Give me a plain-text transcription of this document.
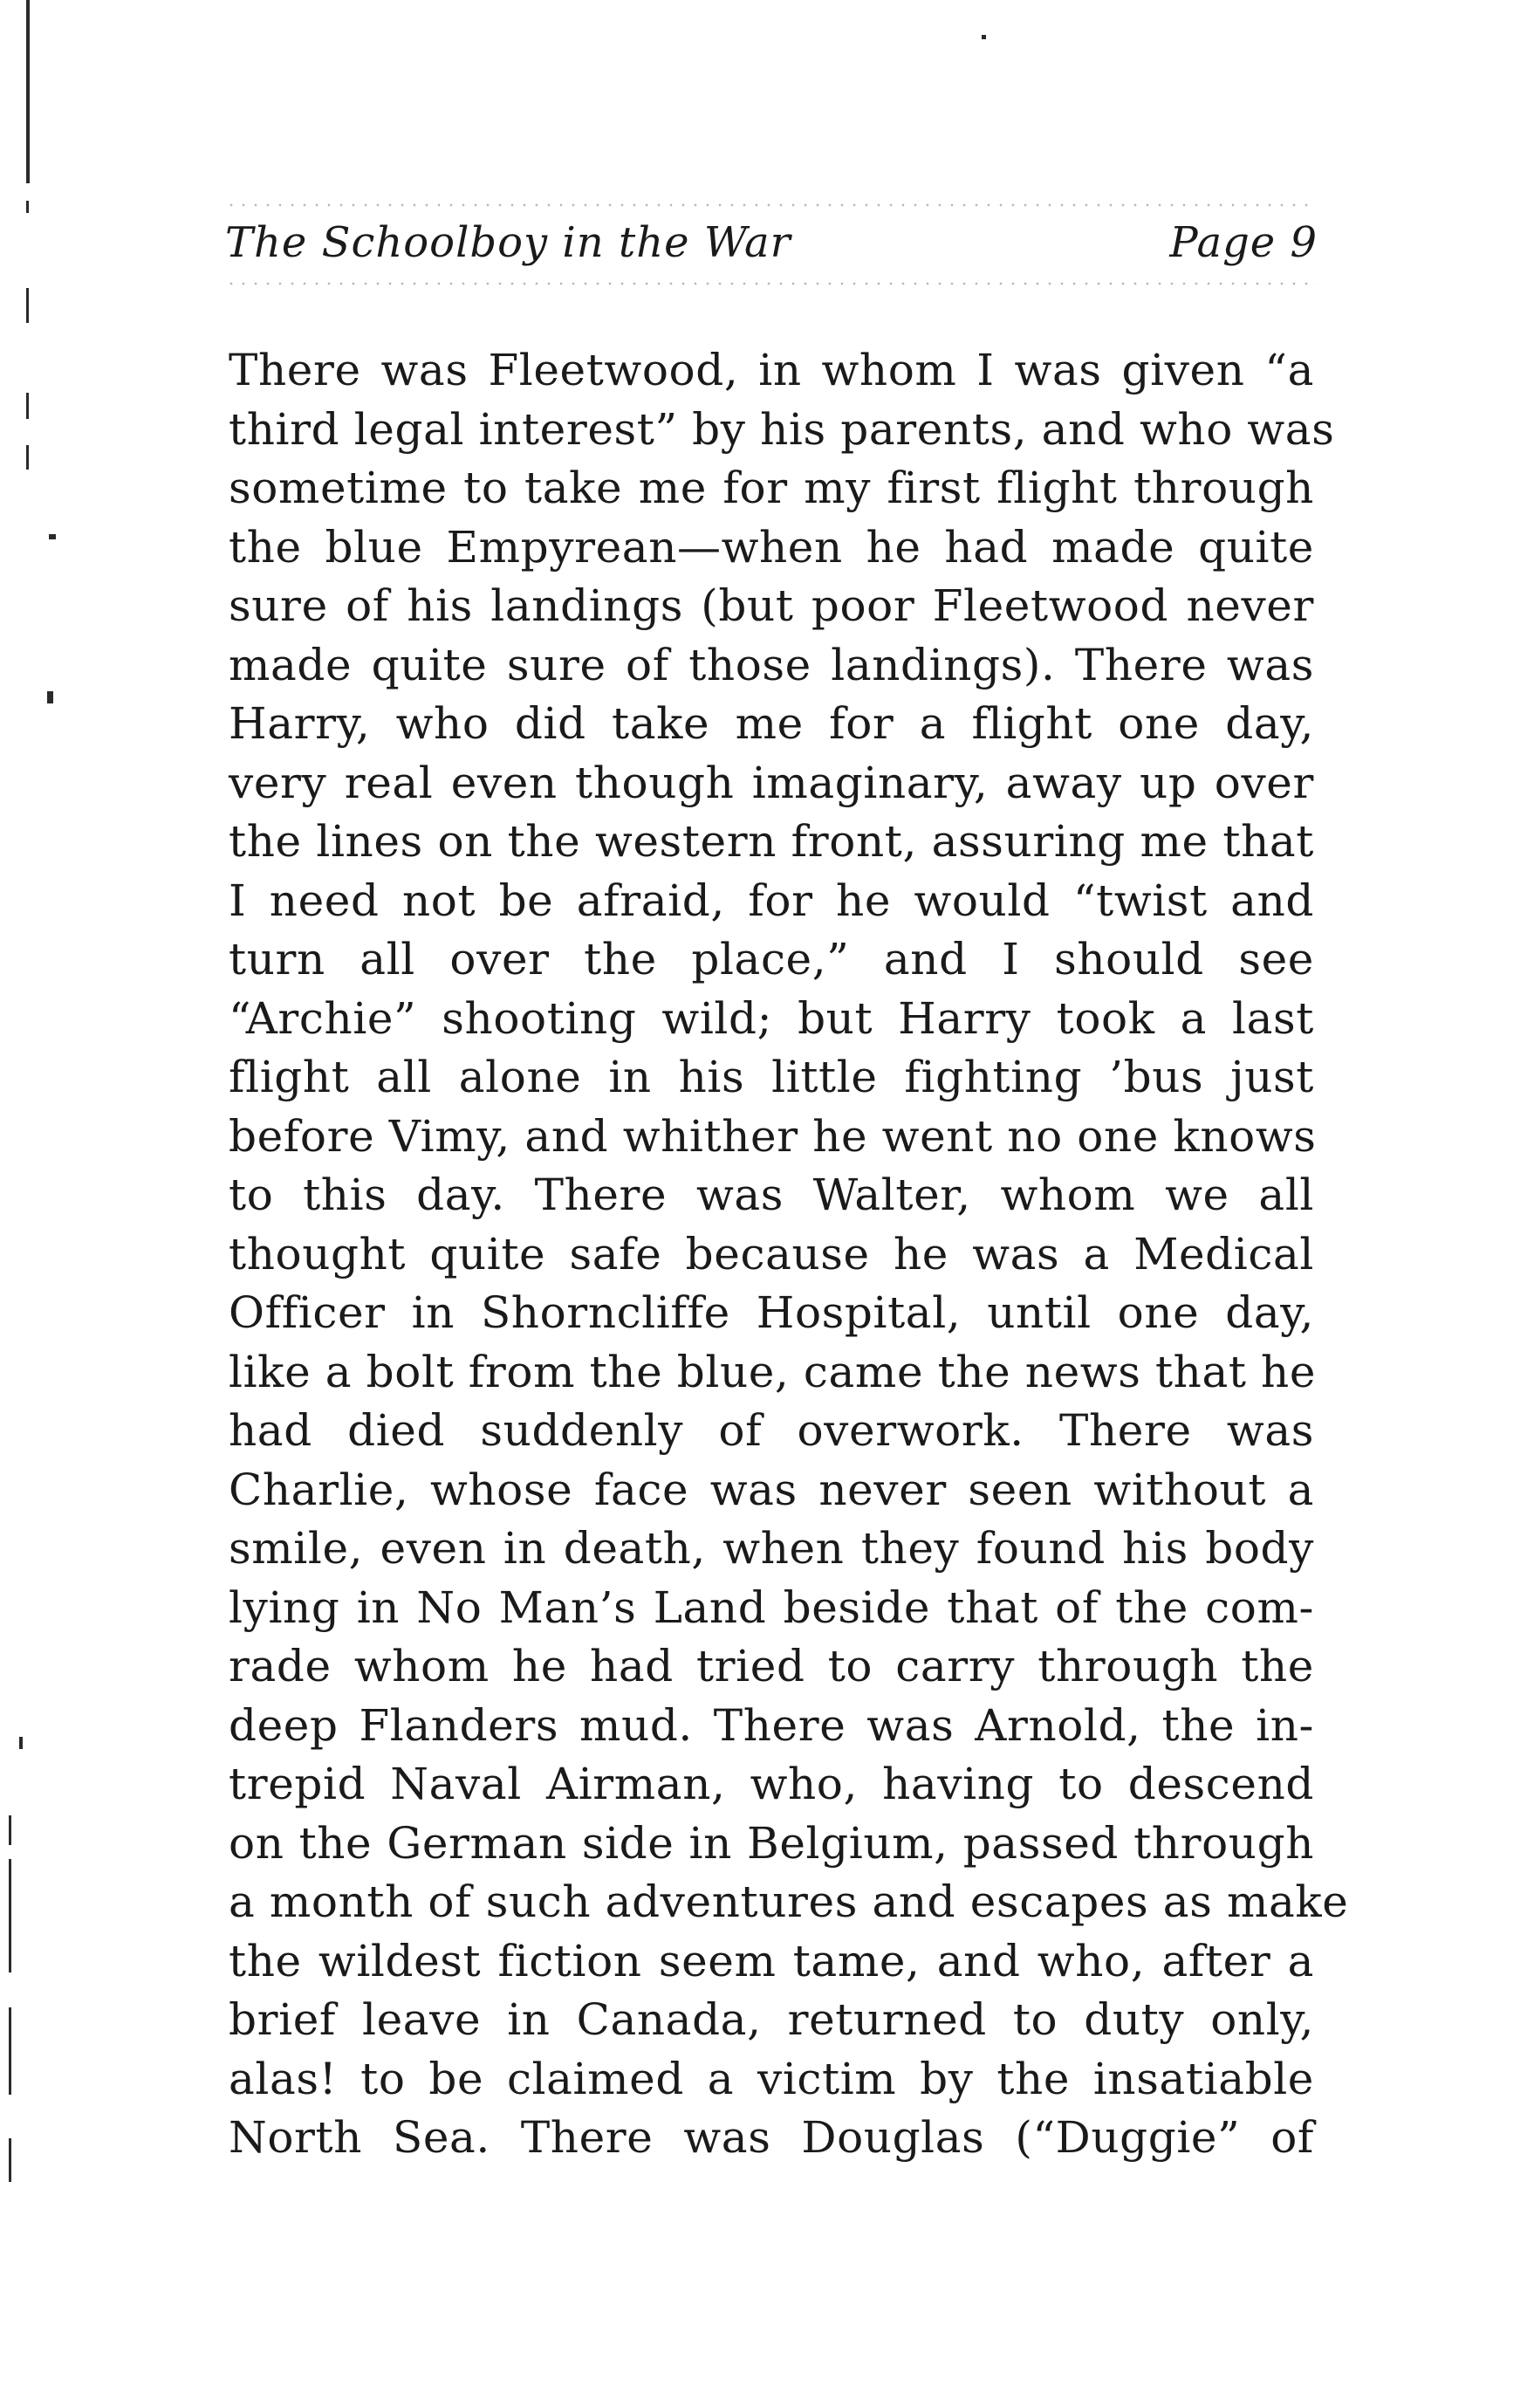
The Schoolboy in the War	Page 9
There was Fleetwood, in whom I was given “a
third legal interest” by his parents, and who was
sometime to take me for my first flight through
the blue Empyrean—when he had made quite
sure of his landings (but poor Fleetwood never
made quite sure of those landings). There was
Harry, who did take me for a flight one day,
very real even though imaginary, away up over
the lines on the western front, assuring me that
I need not be afraid, for he would “twist and
turn all over the place,” and I should see
“Archie” shooting wild; but Harry took a last
flight all alone in his little fighting ’bus just
before Vimy, and whither he went no one knows
to this day. There was Walter, whom we all
thought quite safe because he was a Medical
Officer in Shorncliffe Hospital, until one day,
like a bolt from the blue, came the news that he
had died suddenly of overwork. There was
Charlie, whose face was never seen without a
smile, even in death, when they found his body
lying in No Man’s Land beside that of the com-
rade whom he had tried to carry through the
deep Flanders mud. There was Arnold, the in-
trepid Naval Airman, who, having to descend
on the German side in Belgium, passed through
a month of such adventures and escapes as make
the wildest fiction seem tame, and who, after a
brief leave in Canada, returned to duty only,
alas! to be claimed a victim by the insatiable
North Sea. There was Douglas (“Duggie” of
